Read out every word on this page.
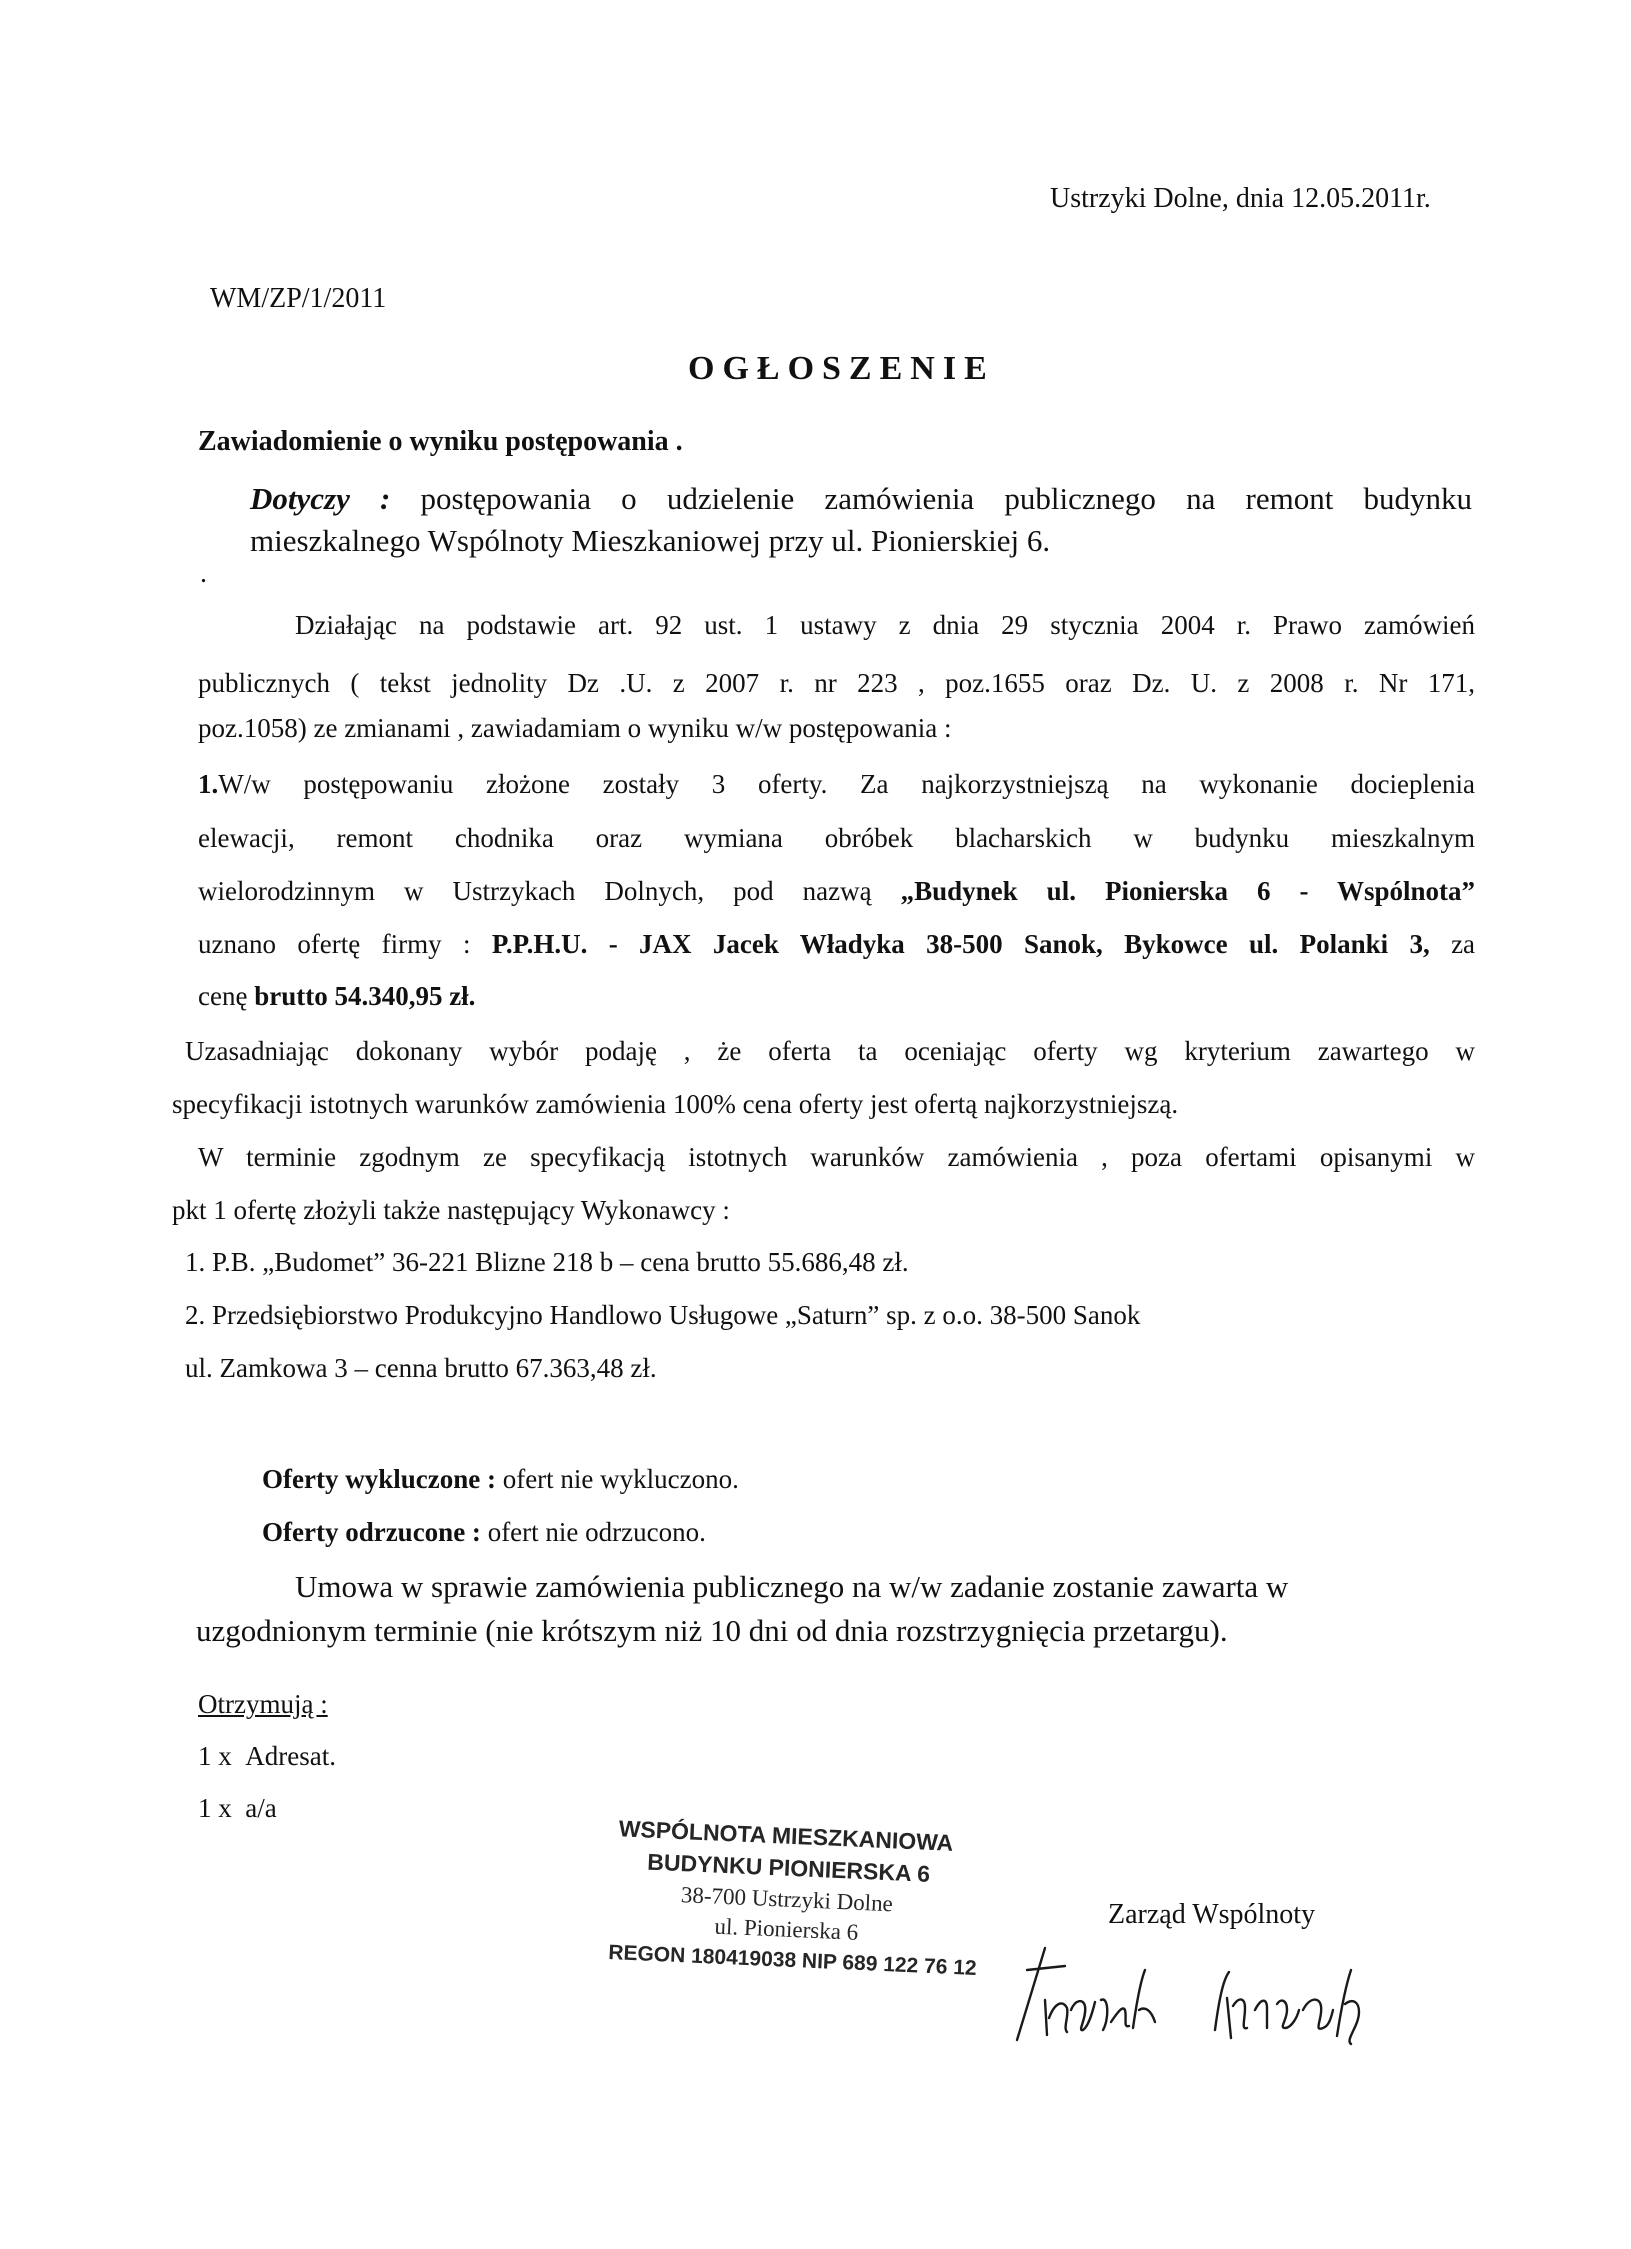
Ustrzyki Dolne, dnia 12.05.2011r.
WM/ZP/1/2011
OGŁOSZENIE
Zawiadomienie o wyniku postępowania .
Dotyczy : postępowania o udzielenie zamówienia publicznego na remont budynku
mieszkalnego Wspólnoty Mieszkaniowej przy ul. Pionierskiej 6.
.
Działając na podstawie art. 92 ust. 1 ustawy z dnia 29 stycznia 2004 r. Prawo zamówień
publicznych ( tekst jednolity Dz .U. z 2007 r. nr 223 , poz.1655 oraz Dz. U. z 2008 r. Nr 171,
poz.1058) ze zmianami , zawiadamiam o wyniku w/w postępowania :
1.W/w postępowaniu złożone zostały 3 oferty. Za najkorzystniejszą na wykonanie docieplenia
elewacji, remont chodnika oraz wymiana obróbek blacharskich w budynku mieszkalnym
wielorodzinnym w Ustrzykach Dolnych, pod nazwą „Budynek ul. Pionierska 6 - Wspólnota”
uznano ofertę firmy : P.P.H.U. - JAX Jacek Władyka 38-500 Sanok, Bykowce ul. Polanki 3, za
cenę brutto 54.340,95 zł.
Uzasadniając dokonany wybór podaję , że oferta ta oceniając oferty wg kryterium zawartego w
specyfikacji istotnych warunków zamówienia 100% cena oferty jest ofertą najkorzystniejszą.
W terminie zgodnym ze specyfikacją istotnych warunków zamówienia , poza ofertami opisanymi w
pkt 1 ofertę złożyli także następujący Wykonawcy :
1. P.B. „Budomet” 36-221 Blizne 218 b – cena brutto 55.686,48 zł.
2. Przedsiębiorstwo Produkcyjno Handlowo Usługowe „Saturn” sp. z o.o. 38-500 Sanok
ul. Zamkowa 3 – cenna brutto 67.363,48 zł.
Oferty wykluczone : ofert nie wykluczono.
Oferty odrzucone : ofert nie odrzucono.
Umowa w sprawie zamówienia publicznego na w/w zadanie zostanie zawarta w
uzgodnionym terminie (nie krótszym niż 10 dni od dnia rozstrzygnięcia przetargu).
Otrzymują :
1 x Adresat.
1 x a/a
WSPÓLNOTA MIESZKANIOWA
BUDYNKU PIONIERSKA 6
38-700 Ustrzyki Dolne
ul. Pionierska 6
REGON 180419038 NIP 689 122 76 12
Zarząd Wspólnoty
